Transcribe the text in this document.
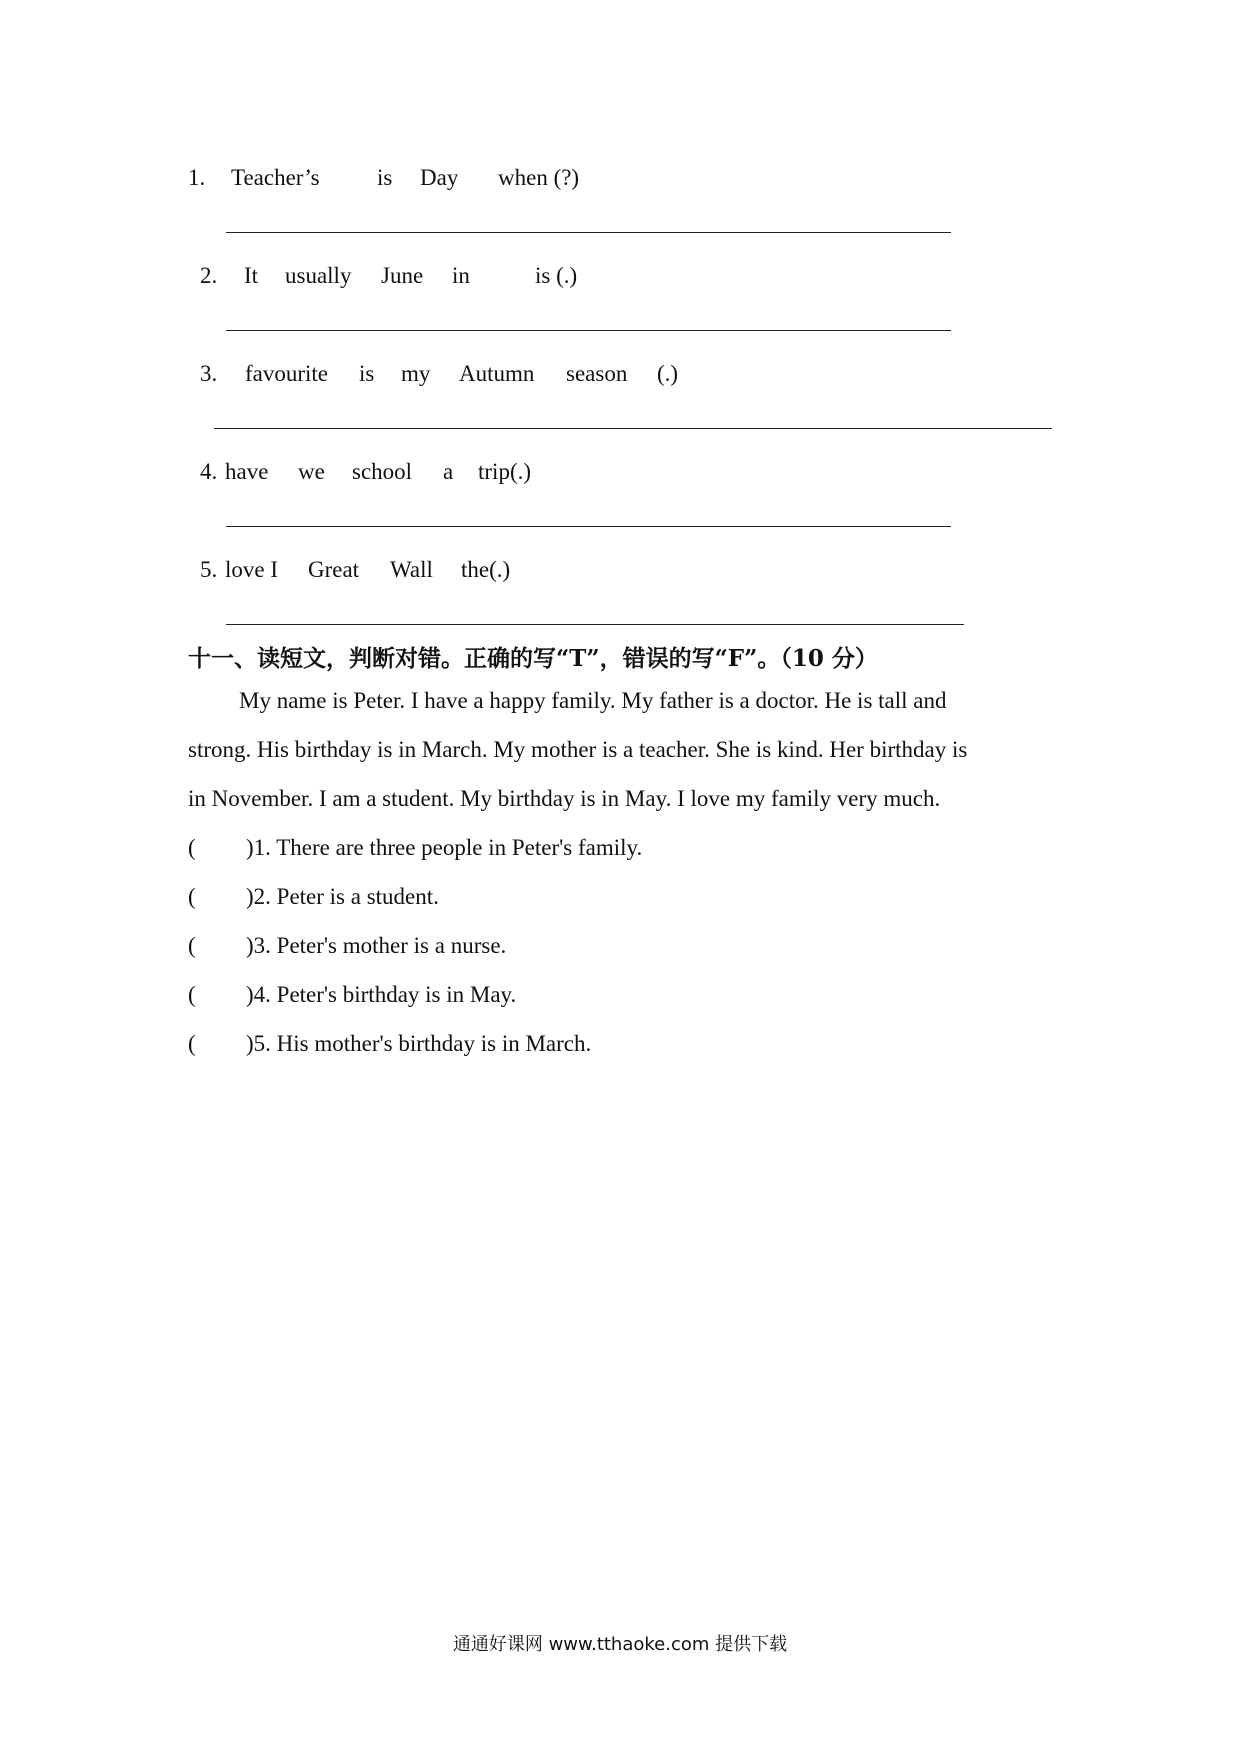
1. Teacher’s is Day when (?)
2. It usually June in	is (.)
3. favourite is my Autumn season (.)
4. have we school a trip(.)
5. love I Great Wall the(.)
十一、读短文，判断对错。正确的写“T”，错误的写“F”。（10 分）
My name is Peter. I have a happy family. My father is a doctor. He is tall and
strong. His birthday is in March. My mother is a teacher. She is kind. Her birthday is
in November. I am a student. My birthday is in May. I love my family very much.
( )1. There are three people in Peter's family.
( )2. Peter is a student.
( )3. Peter's mother is a nurse.
( )4. Peter's birthday is in May.
( )5. His mother's birthday is in March.
通通好课网 www.tthaoke.com 提供下载
